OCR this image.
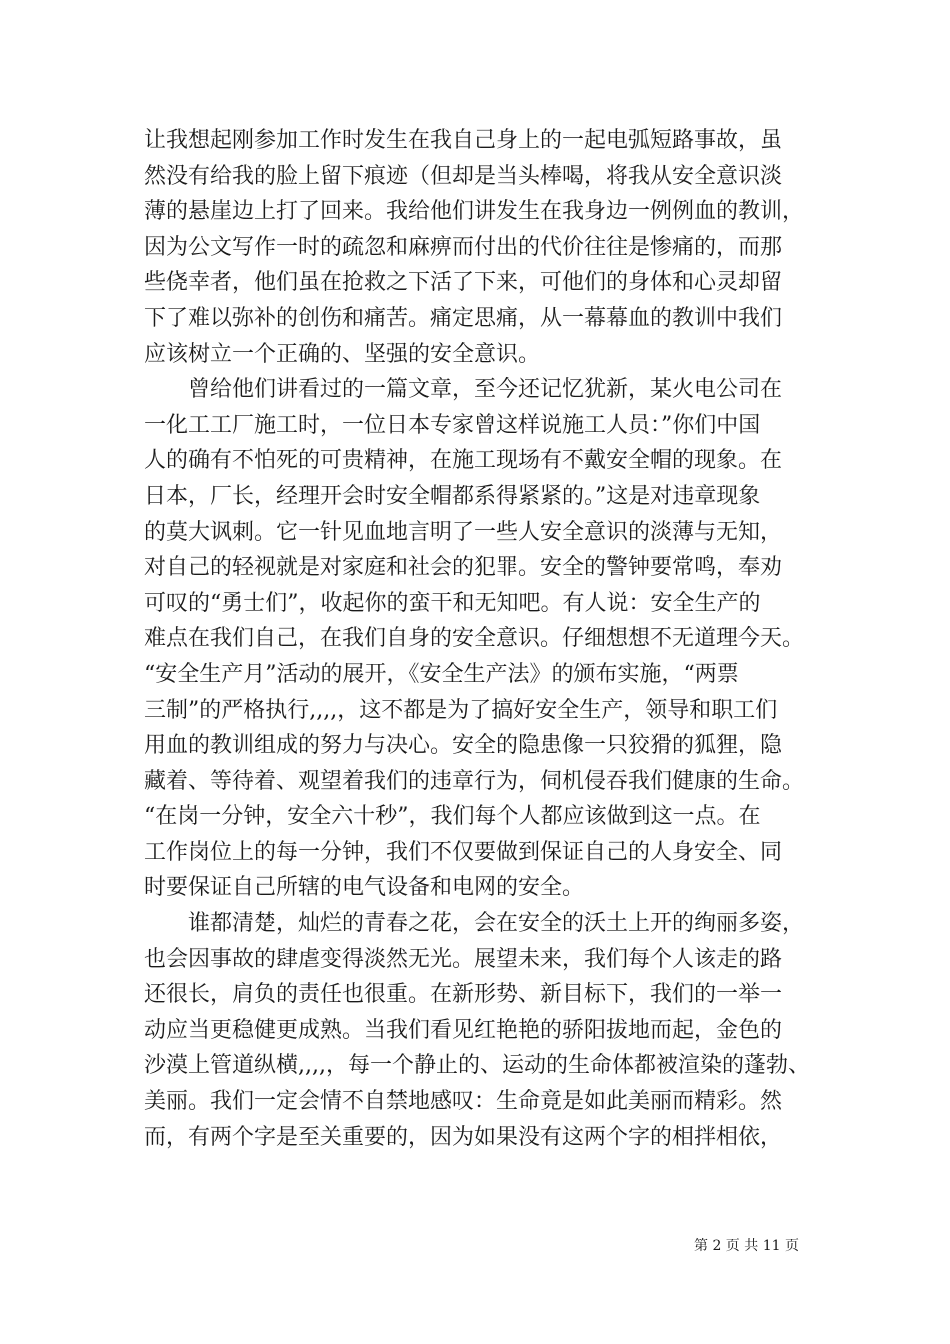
让我想起刚参加工作时发生在我自己身上的一起电弧短路事故，虽
然没有给我的脸上留下痕迹（但却是当头棒喝，将我从安全意识淡
薄的悬崖边上打了回来。我给他们讲发生在我身边一例例血的教训，
因为公文写作一时的疏忽和麻痹而付出的代价往往是惨痛的，而那
些侥幸者，他们虽在抢救之下活了下来，可他们的身体和心灵却留
下了难以弥补的创伤和痛苦。痛定思痛，从一幕幕血的教训中我们
应该树立一个正确的、坚强的安全意识。
曾给他们讲看过的一篇文章，至今还记忆犹新，某火电公司在
一化工工厂施工时，一位日本专家曾这样说施工人员：”你们中国
人的确有不怕死的可贵精神，在施工现场有不戴安全帽的现象。在
日本，厂长，经理开会时安全帽都系得紧紧的。”这是对违章现象
的莫大讽刺。它一针见血地言明了一些人安全意识的淡薄与无知，
对自己的轻视就是对家庭和社会的犯罪。安全的警钟要常鸣，奉劝
可叹的“勇士们”，收起你的蛮干和无知吧。有人说：安全生产的
难点在我们自己，在我们自身的安全意识。仔细想想不无道理今天。
“安全生产月”活动的展开，《安全生产法》的颁布实施，“两票
三制”的严格执行,,,,，这不都是为了搞好安全生产，领导和职工们
用血的教训组成的努力与决心。安全的隐患像一只狡猾的狐狸，隐
藏着、等待着、观望着我们的违章行为，伺机侵吞我们健康的生命。
“在岗一分钟，安全六十秒”，我们每个人都应该做到这一点。在
工作岗位上的每一分钟，我们不仅要做到保证自己的人身安全、同
时要保证自己所辖的电气设备和电网的安全。
谁都清楚，灿烂的青春之花，会在安全的沃土上开的绚丽多姿，
也会因事故的肆虐变得淡然无光。展望未来，我们每个人该走的路
还很长，肩负的责任也很重。在新形势、新目标下，我们的一举一
动应当更稳健更成熟。当我们看见红艳艳的骄阳拔地而起，金色的
沙漠上管道纵横,,,,，每一个静止的、运动的生命体都被渲染的蓬勃、
美丽。我们一定会情不自禁地感叹：生命竟是如此美丽而精彩。然
而，有两个字是至关重要的，因为如果没有这两个字的相拌相依，
第 2 页 共 11 页
